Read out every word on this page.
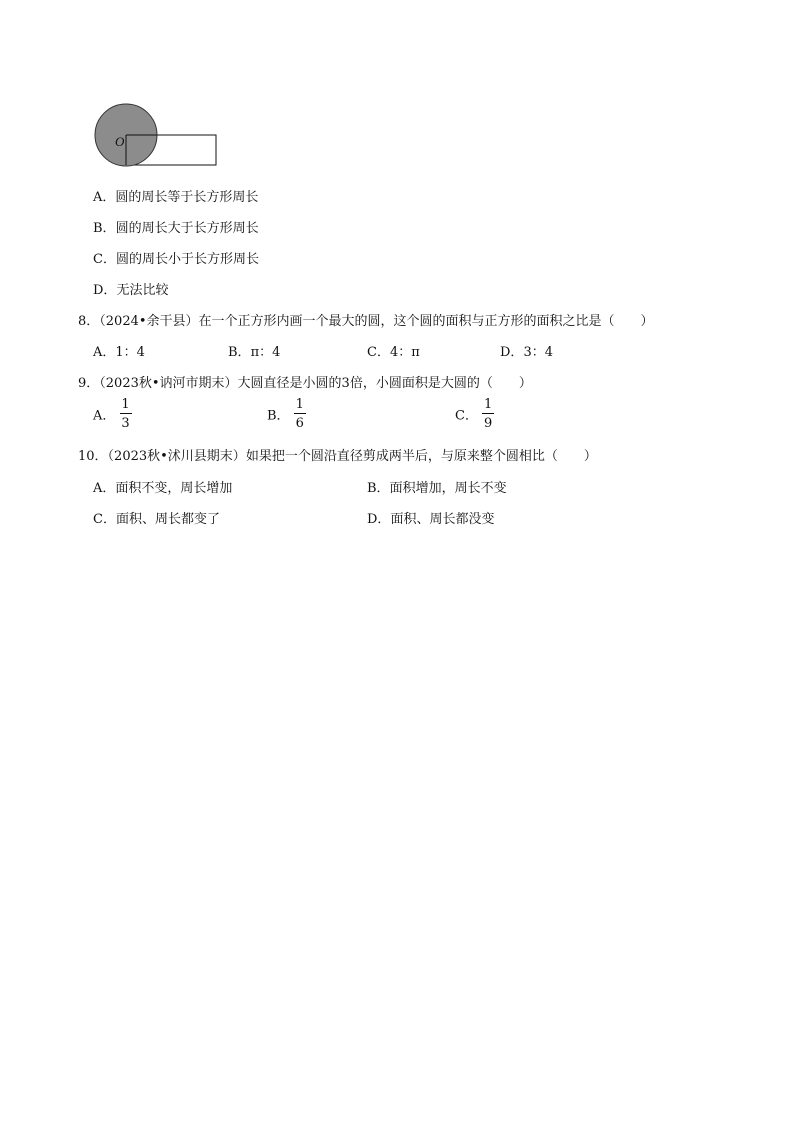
O
A．圆的周长等于长方形周长
B．圆的周长大于长方形周长
C．圆的周长小于长方形周长
D．无法比较
8．（2024•余干县）在一个正方形内画一个最大的圆，这个圆的面积与正方形的面积之比是（　　）
A．1：4	B．π：4	C．4：π	D．3：4
9．（2023秋•讷河市期末）大圆直径是小圆的3倍，小圆面积是大圆的（　　）
A． $\frac{1}{3}$	B． $\frac{1}{6}$	C． $\frac{1}{9}$
10．（2023秋•沭川县期末）如果把一个圆沿直径剪成两半后，与原来整个圆相比（　　）
A．面积不变，周长增加	B．面积增加，周长不变
C．面积、周长都变了	D．面积、周长都没变
